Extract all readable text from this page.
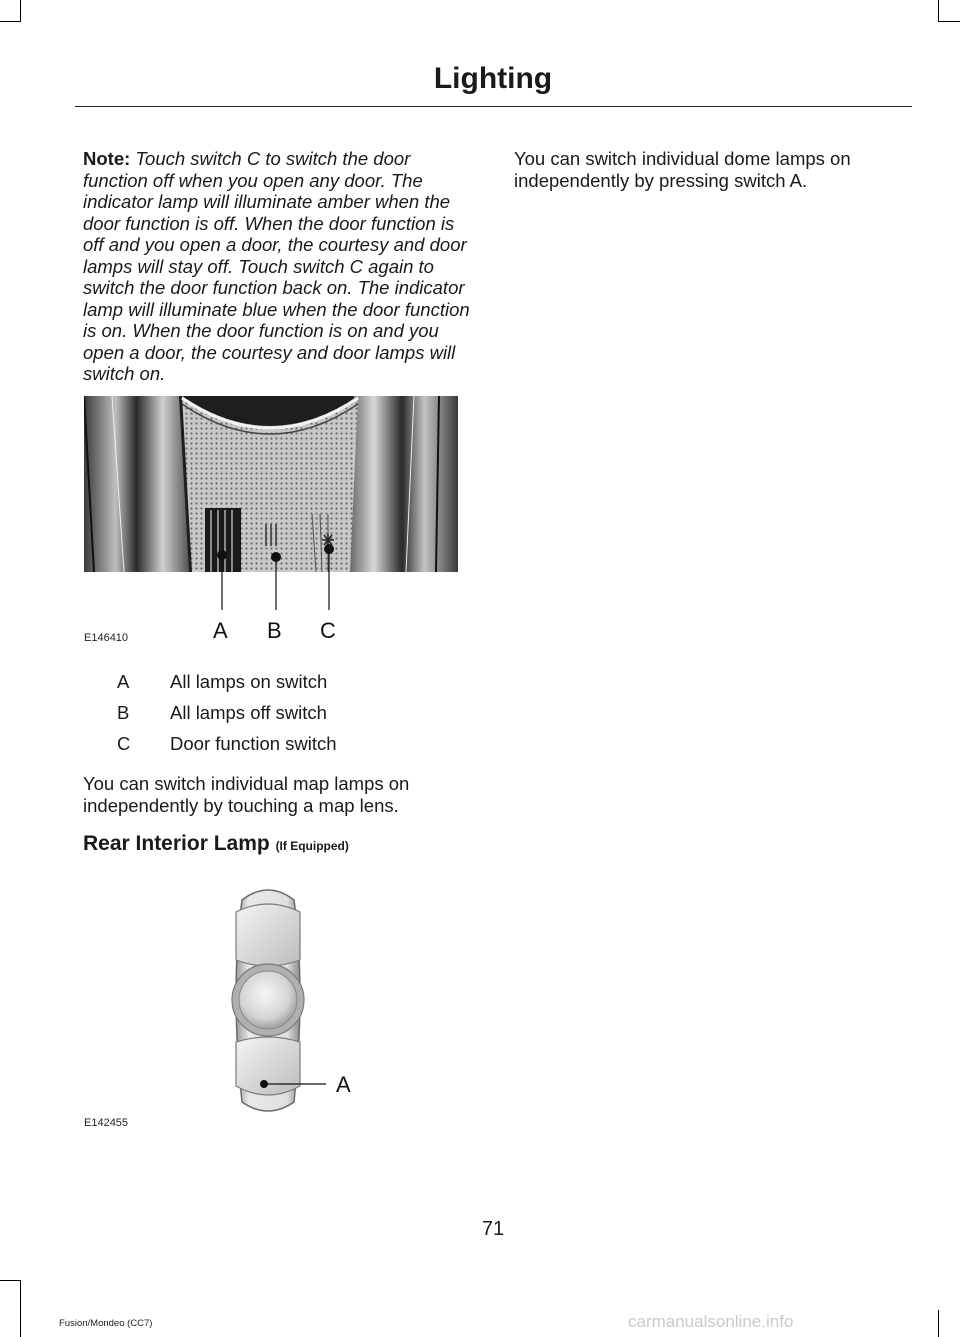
Lighting
Note: Touch switch C to switch the door function off when you open any door. The indicator lamp will illuminate amber when the door function is off. When the door function is off and you open a door, the courtesy and door lamps will stay off. Touch switch C again to switch the door function back on. The indicator lamp will illuminate blue when the door function is on. When the door function is on and you open a door, the courtesy and door lamps will switch on.
A B C
E146410
A All lamps on switch
B All lamps off switch
C Door function switch
You can switch individual map lamps on independently by touching a map lens.
Rear Interior Lamp (If Equipped)
A
E142455
You can switch individual dome lamps on independently by pressing switch A.
71
Fusion/Mondeo (CC7)	carmanualsonline.info
